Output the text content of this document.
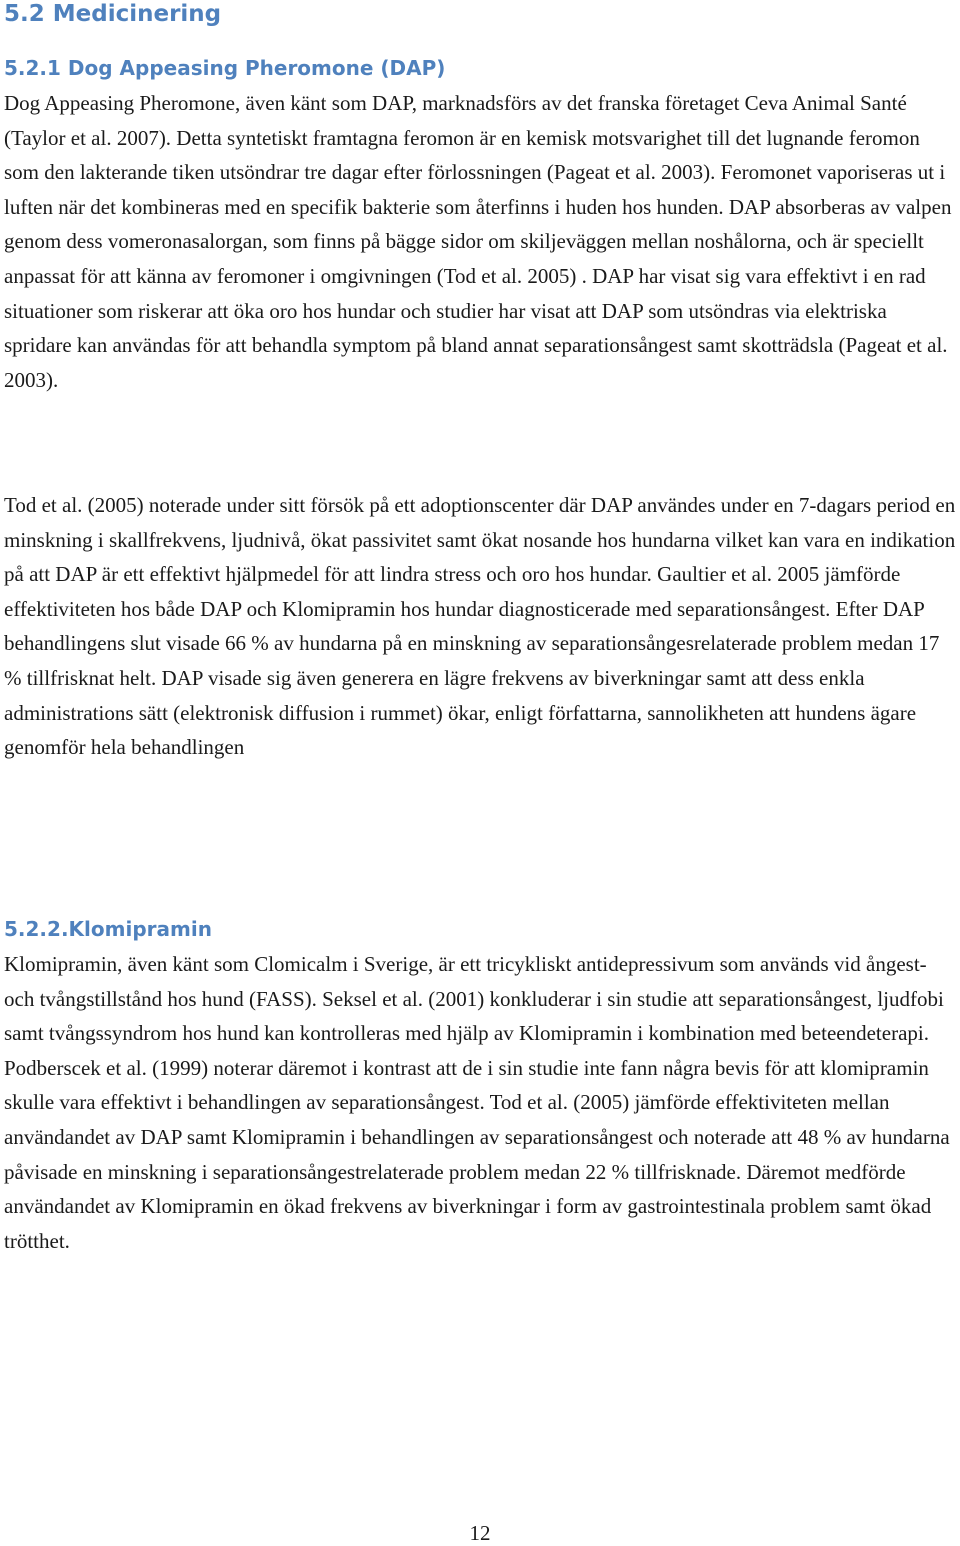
5.2 Medicinering
5.2.1 Dog Appeasing Pheromone (DAP)

Dog Appeasing Pheromone, även känt som DAP, marknadsförs av det franska företaget Ceva Animal Santé (Taylor et al. 2007). Detta syntetiskt framtagna feromon är en kemisk motsvarighet till det lugnande feromon som den lakterande tiken utsöndrar tre dagar efter förlossningen (Pageat et al. 2003). Feromonet vaporiseras ut i luften när det kombineras med en specifik bakterie som återfinns i huden hos hunden. DAP absorberas av valpen genom dess vomeronasalorgan, som finns på bägge sidor om skiljeväggen mellan noshålorna, och är speciellt anpassat för att känna av feromoner i omgivningen (Tod et al. 2005) . DAP har visat sig vara effektivt i en rad situationer som riskerar att öka oro hos hundar och studier har visat att DAP som utsöndras via elektriska spridare kan användas för att behandla symptom på bland annat separationsångest samt skotträdsla (Pageat et al. 2003).

Tod et al. (2005) noterade under sitt försök på ett adoptionscenter där DAP användes under en 7-dagars period en minskning i skallfrekvens, ljudnivå, ökat passivitet samt ökat nosande hos hundarna vilket kan vara en indikation på att DAP är ett effektivt hjälpmedel för att lindra stress och oro hos hundar. Gaultier et al. 2005 jämförde effektiviteten hos både DAP och Klomipramin hos hundar diagnosticerade med separationsångest. Efter DAP behandlingens slut visade 66 % av hundarna på en minskning av separationsångesrelaterade problem medan 17 % tillfrisknat helt. DAP visade sig även generera en lägre frekvens av biverkningar samt att dess enkla administrations sätt (elektronisk diffusion i rummet) ökar, enligt författarna, sannolikheten att hundens ägare genomför hela behandlingen

5.2.2.Klomipramin

Klomipramin, även känt som Clomicalm i Sverige, är ett tricykliskt antidepressivum som används vid ångest- och tvångstillstånd hos hund (FASS). Seksel et al. (2001) konkluderar i sin studie att separationsångest, ljudfobi samt tvångssyndrom hos hund kan kontrolleras med hjälp av Klomipramin i kombination med beteendeterapi. Podberscek et al. (1999) noterar däremot i kontrast att de i sin studie inte fann några bevis för att klomipramin skulle vara effektivt i behandlingen av separationsångest. Tod et al. (2005) jämförde effektiviteten mellan användandet av DAP samt Klomipramin i behandlingen av separationsångest och noterade att 48 % av hundarna påvisade en minskning i separationsångestrelaterade problem medan 22 % tillfrisknade. Däremot medförde användandet av Klomipramin en ökad frekvens av biverkningar i form av gastrointestinala problem samt ökad trötthet.

12
